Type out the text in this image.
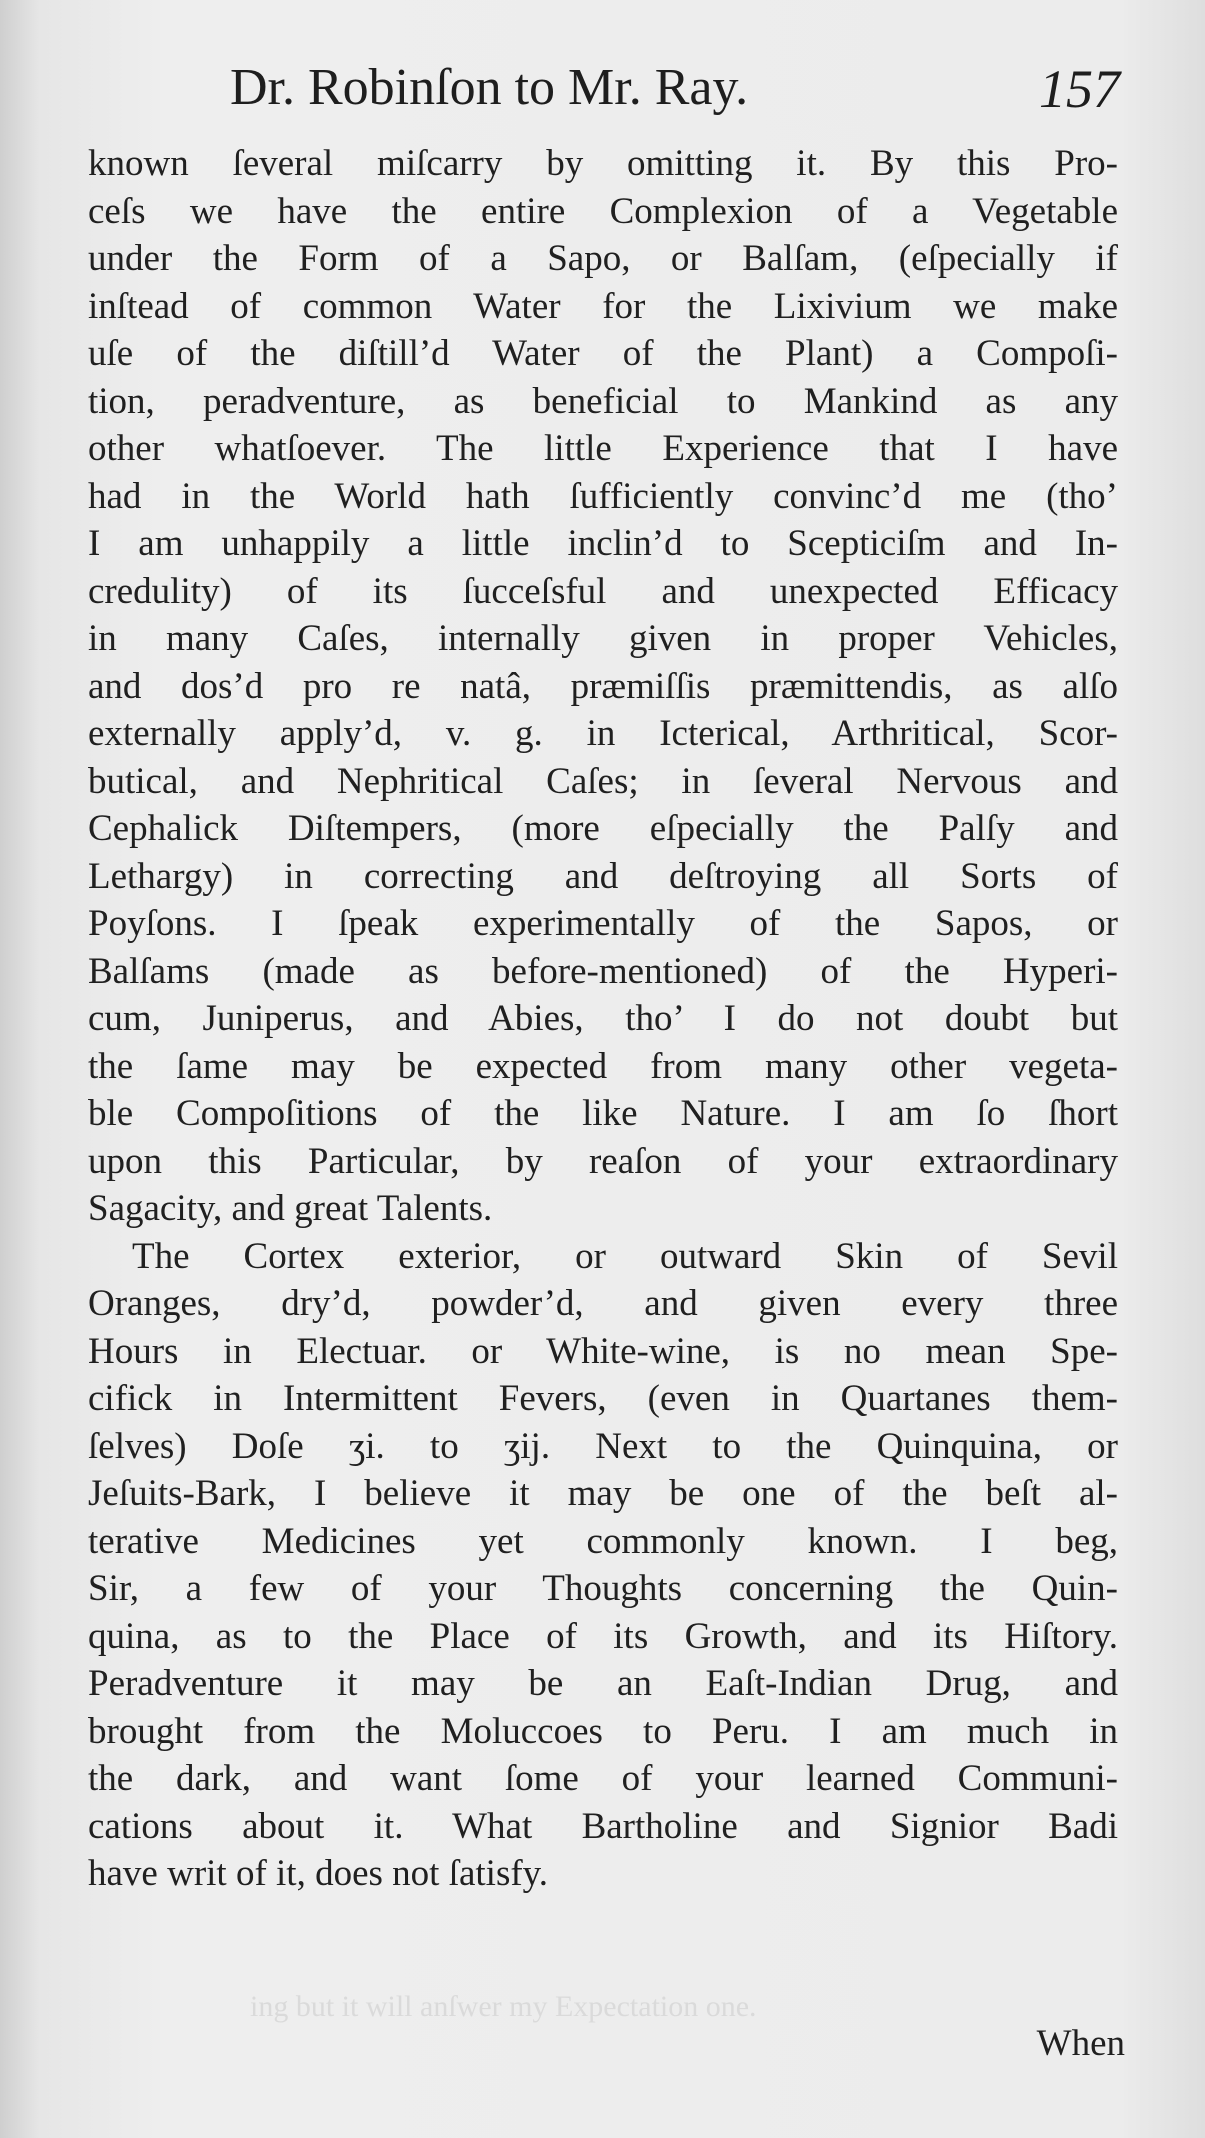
Dr. Robinſon to Mr. Ray.	157
known ſeveral miſcarry by omitting it. By this Pro-
ceſs we have the entire Complexion of a Vegetable
under the Form of a Sapo, or Balſam, (eſpecially if
inſtead of common Water for the Lixivium we make
uſe of the diſtill’d Water of the Plant) a Compoſi-
tion, peradventure, as beneficial to Mankind as any
other whatſoever. The little Experience that I have
had in the World hath ſufficiently convinc’d me (tho’
I am unhappily a little inclin’d to Scepticiſm and In-
credulity) of its ſucceſsful and unexpected Efficacy
in many Caſes, internally given in proper Vehicles,
and dos’d pro re natâ, præmiſſis præmittendis, as alſo
externally apply’d, v. g. in Icterical, Arthritical, Scor-
butical, and Nephritical Caſes; in ſeveral Nervous and
Cephalick Diſtempers, (more eſpecially the Palſy and
Lethargy) in correcting and deſtroying all Sorts of
Poyſons. I ſpeak experimentally of the Sapos, or
Balſams (made as before-mentioned) of the Hyperi-
cum, Juniperus, and Abies, tho’ I do not doubt but
the ſame may be expected from many other vegeta-
ble Compoſitions of the like Nature. I am ſo ſhort
upon this Particular, by reaſon of your extraordinary
Sagacity, and great Talents.
The Cortex exterior, or outward Skin of Sevil
Oranges, dry’d, powder’d, and given every three
Hours in Electuar. or White-wine, is no mean Spe-
cifick in Intermittent Fevers, (even in Quartanes them-
ſelves) Doſe ʒi. to ʒij. Next to the Quinquina, or
Jeſuits-Bark, I believe it may be one of the beſt al-
terative Medicines yet commonly known. I beg,
Sir, a few of your Thoughts concerning the Quin-
quina, as to the Place of its Growth, and its Hiſtory.
Peradventure it may be an Eaſt-Indian Drug, and
brought from the Moluccoes to Peru. I am much in
the dark, and want ſome of your learned Communi-
cations about it. What Bartholine and Signior Badi
have writ of it, does not ſatisfy.
ing but it will anſwer my Expectation one.
When
